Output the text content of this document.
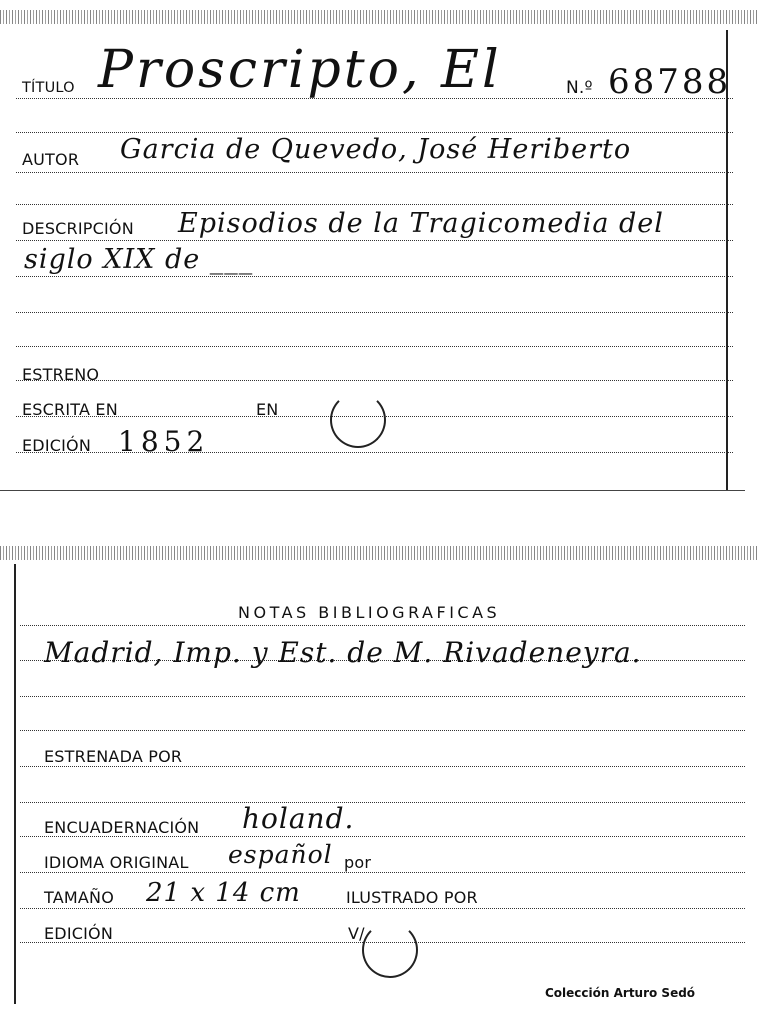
TÍTULO Proscripto, El	N.º 68788
AUTOR Garcia de Quevedo, José Heriberto
DESCRIPCIÓN Episodios de la Tragicomedia del
siglo XIX de ___
ESTRENO
ESCRITA EN	EN
EDICIÓN 1852
NOTAS BIBLIOGRAFICAS
Madrid, Imp. y Est. de M. Rivadeneyra.
ESTRENADA POR
ENCUADERNACIÓN holand.
IDIOMA ORIGINAL español por
TAMAÑO 21 x 14 cm	ILUSTRADO POR
EDICIÓN	V/
Colección Arturo Sedó
